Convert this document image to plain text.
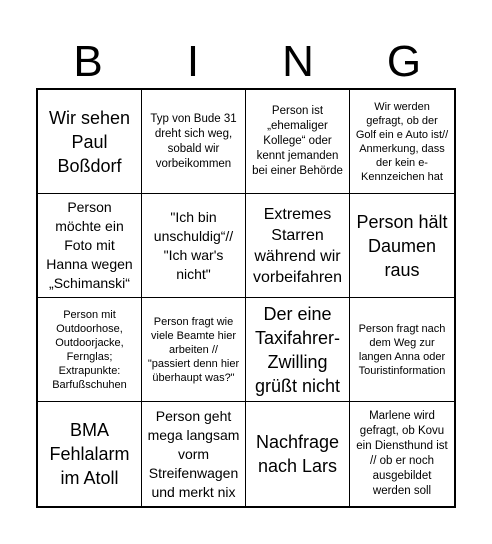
B	I	N	G
Wir sehen Paul Boßdorf
Typ von Bude 31 dreht sich weg, sobald wir vorbeikommen
Person ist „ehemaliger Kollege“ oder kennt jemanden bei einer Behörde
Wir werden gefragt, ob der Golf ein e Auto ist// Anmerkung, dass der kein e-Kennzeichen hat
Person möchte ein Foto mit Hanna wegen „Schimanski“
"Ich bin unschuldig“// "Ich war's nicht"
Extremes Starren während wir vorbeifahren
Person hält Daumen raus
Person mit Outdoorhose, Outdoorjacke, Fernglas; Extrapunkte: Barfußschuhen
Person fragt wie viele Beamte hier arbeiten // "passiert denn hier überhaupt was?"
Der eine Taxifahrer-Zwilling grüßt nicht
Person fragt nach dem Weg zur langen Anna oder Touristinformation
BMA Fehlalarm im Atoll
Person geht mega langsam vorm Streifenwagen und merkt nix
Nachfrage nach Lars
Marlene wird gefragt, ob Kovu ein Diensthund ist // ob er noch ausgebildet werden soll
